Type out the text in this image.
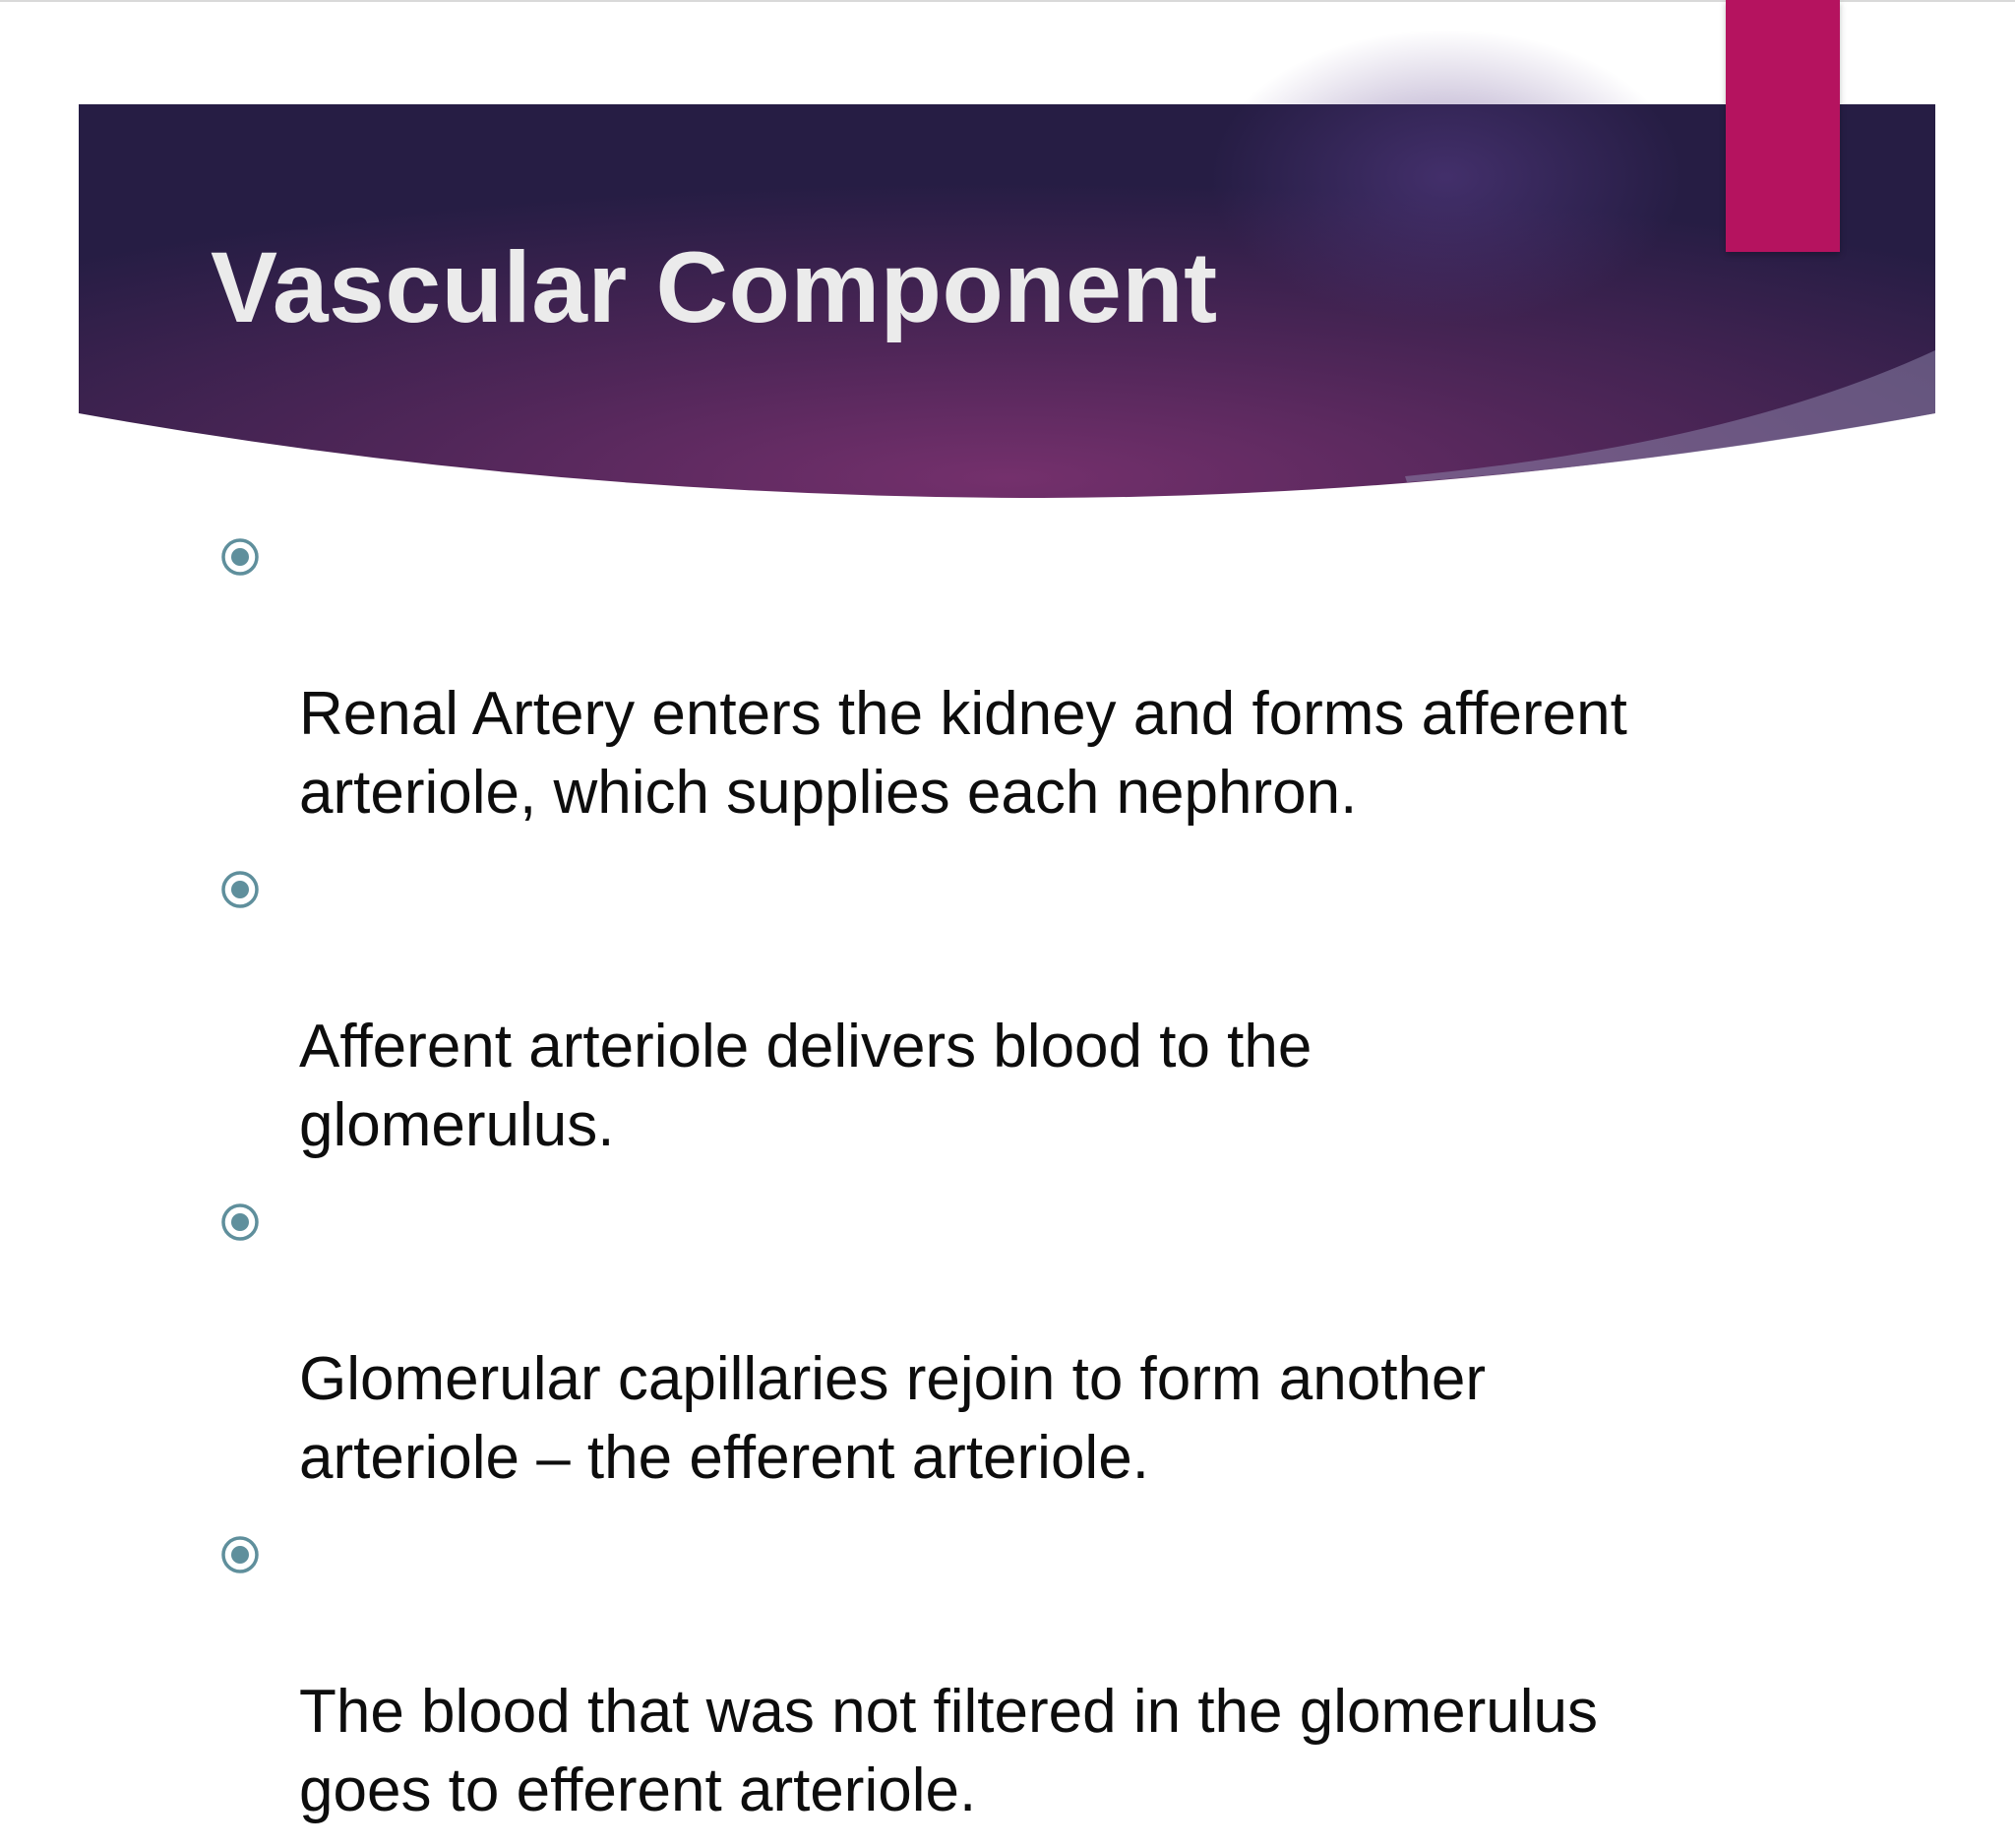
Vascular Component

Renal Artery enters the kidney and forms afferent
arteriole, which supplies each nephron.

Afferent arteriole delivers blood to the
glomerulus.

Glomerular capillaries rejoin to form another
arteriole – the efferent arteriole.

The blood that was not filtered in the glomerulus
goes to efferent arteriole.
